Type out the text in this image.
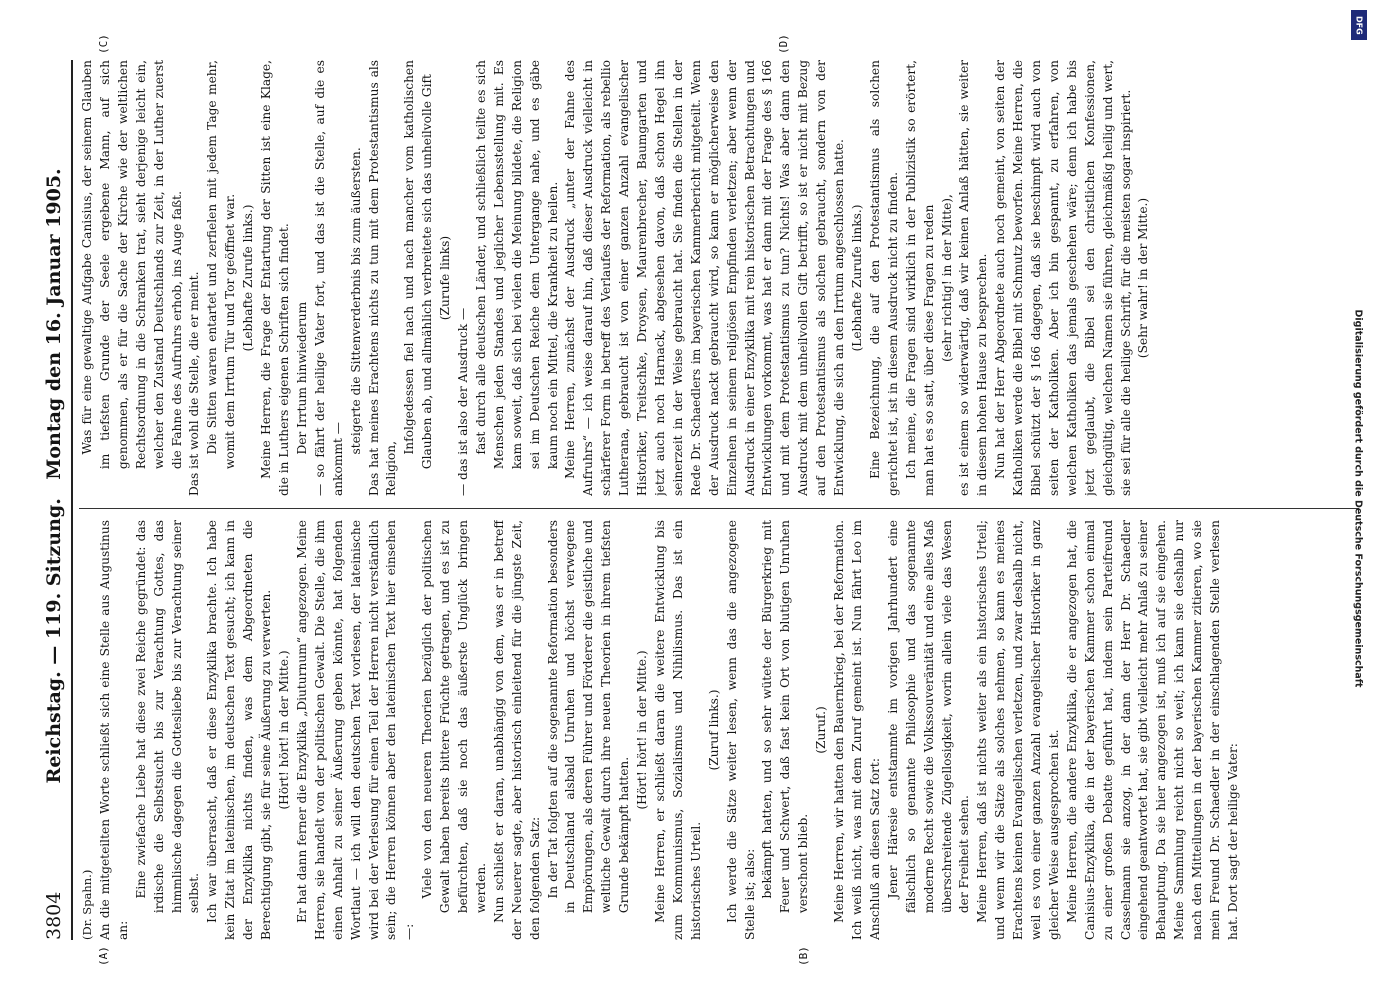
3804
Reichstag. — 119. Sitzung.
Montag den 16. Januar 1905.
(A)	(B)
(C)	(D)

(Dr. Spahn.) An die mitgeteilten Worte schließt sich eine Stelle aus Augustinus an:

Eine zwiefache Liebe hat diese zwei Reiche gegründet: das irdische die Selbstsucht bis zur Verachtung Gottes, das himmlische dagegen die Gottesliebe bis zur Verachtung seiner selbst. Ich war überrascht, daß er diese Enzyklika brachte. Ich habe kein Zitat im lateinischen, im deutschen Text gesucht; ich kann in der Enzyklika nichts finden, was dem Abgeordneten die Berechtigung gibt, sie für seine Äußerung zu verwerten. (Hört! hört! in der Mitte.) Er hat dann ferner die Enzyklika „Diuturnum“ angezogen. Meine Herren, sie handelt von der politischen Gewalt. Die Stelle, die ihm einen Anhalt zu seiner Äußerung geben könnte, hat folgenden Wortlaut — ich will den deutschen Text vorlesen, der lateinische wird bei der Verlesung für einen Teil der Herren nicht verständlich sein; die Herren können aber den lateinischen Text hier einsehen —:

Viele von den neueren Theorien bezüglich der politischen Gewalt haben bereits bittere Früchte getragen, und es ist zu befürchten, daß sie noch das äußerste Unglück bringen werden. Nun schließt er daran, unabhängig von dem, was er in betreff der Neuerer sagte, aber historisch einleitend für die jüngste Zeit, den folgenden Satz: In der Tat folgten auf die sogenannte Reformation besonders in Deutschland alsbald Unruhen und höchst verwegene Empörungen, als deren Führer und Förderer die geistliche und weltliche Gewalt durch ihre neuen Theorien in ihrem tiefsten Grunde bekämpft hatten.

(Hört! hört! in der Mitte.) Meine Herren, er schließt daran die weitere Entwicklung bis zum Kommunismus, Sozialismus und Nihilismus. Das ist ein historisches Urteil.

(Zuruf links.) Ich werde die Sätze weiter lesen, wenn das die angezogene Stelle ist; also: bekämpft hatten, und so sehr wütete der Bürgerkrieg mit Feuer und Schwert, daß fast kein Ort von blutigen Unruhen verschont blieb.

(Zuruf.) Meine Herren, wir hatten den Bauernkrieg, bei der Reformation. Ich weiß nicht, was mit dem Zuruf gemeint ist. Nun fährt Leo im Anschluß an diesen Satz fort: Jener Häresie entstammte im vorigen Jahrhundert eine fälschlich so genannte Philosophie und das sogenannte moderne Recht sowie die Volkssouveränität und eine alles Maß überschreitende Zügellosigkeit, worin allein viele das Wesen der Freiheit sehen. Meine Herren, daß ist nichts weiter als ein historisches Urteil; und wenn wir die Sätze als solches nehmen, so kann es meines Erachtens keinen Evangelischen verletzen, und zwar deshalb nicht, weil es von einer ganzen Anzahl evangelischer Historiker in ganz gleicher Weise ausgesprochen ist. Meine Herren, die andere Enzyklika, die er angezogen hat, die Canisius-Enzyklika, die in der bayerischen Kammer schon einmal zu einer großen Debatte geführt hat, indem sein Parteifreund Casselmann sie anzog, in der dann der Herr Dr. Schaedler eingehend geantwortet hat, sie gibt vielleicht mehr Anlaß zu seiner Behauptung. Da sie hier angezogen ist, muß ich auf sie eingehen. Meine Sammlung reicht nicht so weit; ich kann sie deshalb nur nach den Mitteilungen in der bayerischen Kammer zitieren, wo sie mein Freund Dr. Schaedler in der einschlagenden Stelle verlesen hat. Dort sagt der heilige Vater:

Was für eine gewaltige Aufgabe Canisius, der seinem Glauben im tiefsten Grunde der Seele ergebene Mann, auf sich genommen, als er für die Sache der Kirche wie der weltlichen Rechtsordnung in die Schranken trat, sieht derjenige leicht ein, welcher den Zustand Deutschlands zur Zeit, in der Luther zuerst die Fahne des Aufruhrs erhob, ins Auge faßt. Das ist wohl die Stelle, die er meint. Die Sitten waren entartet und zerfielen mit jedem Tage mehr, womit dem Irrtum Tür und Tor geöffnet war. (Lebhafte Zurufe links.) Meine Herren, die Frage der Entartung der Sitten ist eine Klage, die in Luthers eigenen Schriften sich findet. Der Irrtum hinwiederum — so fährt der heilige Vater fort, und das ist die Stelle, auf die es ankommt —

steigerte die Sittenverderbnis bis zum äußersten. Das hat meines Erachtens nichts zu tun mit dem Protestantismus als Religion,

Infolgedessen fiel nach und nach mancher vom katholischen Glauben ab, und allmählich verbreitete sich das unheilvolle Gift (Zurufe links)

— das ist also der Ausdruck — fast durch alle deutschen Länder, und schließlich teilte es sich Menschen jeden Standes und jeglicher Lebensstellung mit. Es kam soweit, daß sich bei vielen die Meinung bildete, die Religion sei im Deutschen Reiche dem Untergange nahe, und es gäbe kaum noch ein Mittel, die Krankheit zu heilen. Meine Herren, zunächst der Ausdruck „unter der Fahne des Aufruhrs“ — ich weise darauf hin, daß dieser Ausdruck vielleicht in schärferer Form in betreff des Verlaufes der Reformation, als rebellio Lutherana, gebraucht ist von einer ganzen Anzahl evangelischer Historiker, Treitschke, Droysen, Maurenbrecher, Baumgarten und jetzt auch noch Harnack, abgesehen davon, daß schon Hegel ihn seinerzeit in der Weise gebraucht hat. Sie finden die Stellen in der Rede Dr. Schaedlers im bayerischen Kammerbericht mitgeteilt. Wenn der Ausdruck nackt gebraucht wird, so kann er möglicherweise den Einzelnen in seinem religiösen Empfinden verletzen; aber wenn der Ausdruck in einer Enzyklika mit rein historischen Betrachtungen und Entwicklungen vorkommt, was hat er dann mit der Frage des § 166 und mit dem Protestantismus zu tun? Nichts! Was aber dann den Ausdruck mit dem unheilvollen Gift betrifft, so ist er nicht mit Bezug auf den Protestantismus als solchen gebraucht, sondern von der Entwicklung, die sich an den Irrtum angeschlossen hatte. (Lebhafte Zurufe links.) Eine Bezeichnung, die auf den Protestantismus als solchen gerichtet ist, ist in diesem Ausdruck nicht zu finden. Ich meine, die Fragen sind wirklich in der Publizistik so erörtert, man hat es so satt, über diese Fragen zu reden (sehr richtig! in der Mitte), es ist einem so widerwärtig, daß wir keinen Anlaß hätten, sie weiter in diesem hohen Hause zu besprechen. Nun hat der Herr Abgeordnete auch noch gemeint, von seiten der Katholiken werde die Bibel mit Schmutz beworfen. Meine Herren, die Bibel schützt der § 166 dagegen, daß sie beschimpft wird auch von seiten der Katholiken. Aber ich bin gespannt, zu erfahren, von welchen Katholiken das jemals geschehen wäre; denn ich habe bis jetzt geglaubt, die Bibel sei den christlichen Konfessionen, gleichgültig, welchen Namen sie führen, gleichmäßig heilig und wert, sie sei für alle die heilige Schrift, für die meisten sogar inspiriert. (Sehr wahr! in der Mitte.)

Digitalisierung gefördert durch die Deutsche Forschungsgemeinschaft
DFG
